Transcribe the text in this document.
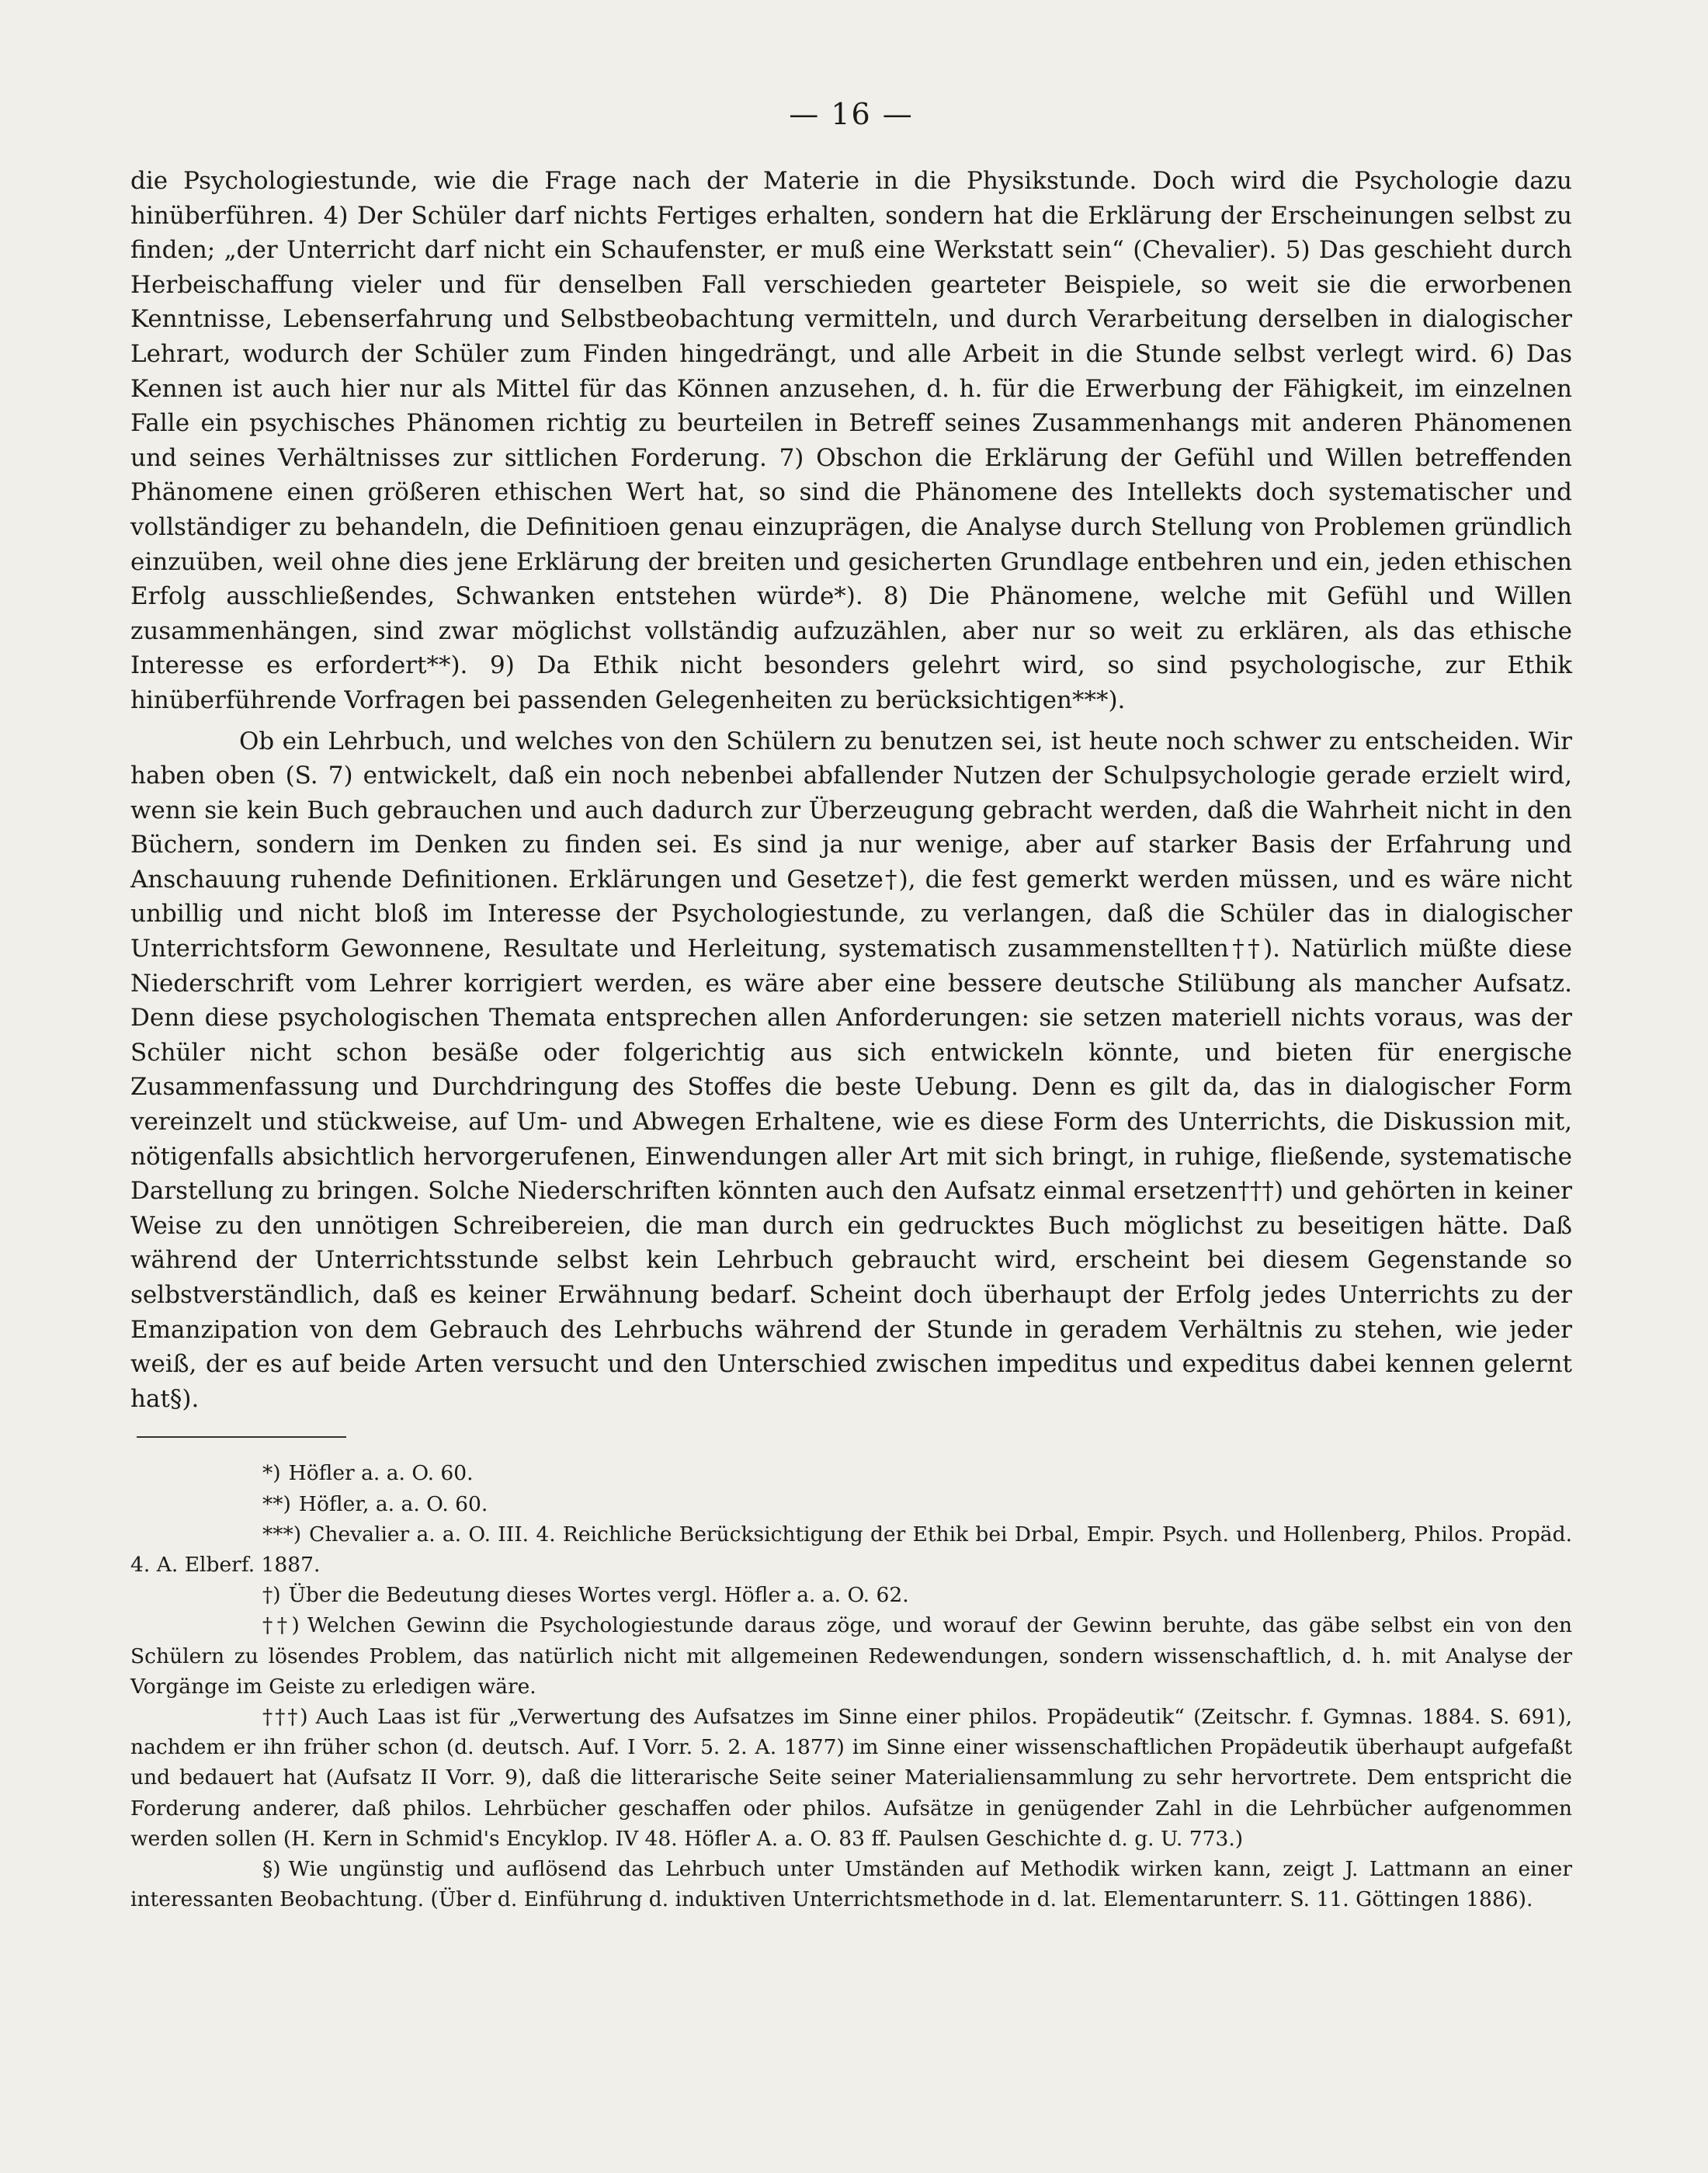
— 16 —

die Psychologiestunde, wie die Frage nach der Materie in die Physikstunde. Doch wird die Psychologie dazu hinüberführen. 4) Der Schüler darf nichts Fertiges erhalten, sondern hat die Erklärung der Erscheinungen selbst zu finden; „der Unterricht darf nicht ein Schaufenster, er muß eine Werkstatt sein“ (Chevalier). 5) Das geschieht durch Herbeischaffung vieler und für denselben Fall verschieden gearteter Beispiele, so weit sie die erworbenen Kenntnisse, Lebenserfahrung und Selbstbeobachtung vermitteln, und durch Verarbeitung derselben in dialogischer Lehrart, wodurch der Schüler zum Finden hingedrängt, und alle Arbeit in die Stunde selbst verlegt wird. 6) Das Kennen ist auch hier nur als Mittel für das Können anzusehen, d. h. für die Erwerbung der Fähigkeit, im einzelnen Falle ein psychisches Phänomen richtig zu beurteilen in Betreff seines Zusammenhangs mit anderen Phänomenen und seines Verhältnisses zur sittlichen Forderung. 7) Obschon die Erklärung der Gefühl und Willen betreffenden Phänomene einen größeren ethischen Wert hat, so sind die Phänomene des Intellekts doch systematischer und vollständiger zu behandeln, die Definitioen genau einzuprägen, die Analyse durch Stellung von Problemen gründlich einzuüben, weil ohne dies jene Erklärung der breiten und gesicherten Grundlage entbehren und ein, jeden ethischen Erfolg ausschließendes, Schwanken entstehen würde*). 8) Die Phänomene, welche mit Gefühl und Willen zusammenhängen, sind zwar möglichst vollständig aufzuzählen, aber nur so weit zu erklären, als das ethische Interesse es erfordert**). 9) Da Ethik nicht besonders gelehrt wird, so sind psychologische, zur Ethik hinüberführende Vorfragen bei passenden Gelegenheiten zu berücksichtigen***).

Ob ein Lehrbuch, und welches von den Schülern zu benutzen sei, ist heute noch schwer zu entscheiden. Wir haben oben (S. 7) entwickelt, daß ein noch nebenbei abfallender Nutzen der Schulpsychologie gerade erzielt wird, wenn sie kein Buch gebrauchen und auch dadurch zur Überzeugung gebracht werden, daß die Wahrheit nicht in den Büchern, sondern im Denken zu finden sei. Es sind ja nur wenige, aber auf starker Basis der Erfahrung und Anschauung ruhende Definitionen. Erklärungen und Gesetze†), die fest gemerkt werden müssen, und es wäre nicht unbillig und nicht bloß im Interesse der Psychologiestunde, zu verlangen, daß die Schüler das in dialogischer Unterrichtsform Gewonnene, Resultate und Herleitung, systematisch zusammenstellten††). Natürlich müßte diese Niederschrift vom Lehrer korrigiert werden, es wäre aber eine bessere deutsche Stilübung als mancher Aufsatz. Denn diese psychologischen Themata entsprechen allen Anforderungen: sie setzen materiell nichts voraus, was der Schüler nicht schon besäße oder folgerichtig aus sich entwickeln könnte, und bieten für energische Zusammenfassung und Durchdringung des Stoffes die beste Uebung. Denn es gilt da, das in dialogischer Form vereinzelt und stückweise, auf Um- und Abwegen Erhaltene, wie es diese Form des Unterrichts, die Diskussion mit, nötigenfalls absichtlich hervorgerufenen, Einwendungen aller Art mit sich bringt, in ruhige, fließende, systematische Darstellung zu bringen. Solche Niederschriften könnten auch den Aufsatz einmal ersetzen†††) und gehörten in keiner Weise zu den unnötigen Schreibereien, die man durch ein gedrucktes Buch möglichst zu beseitigen hätte. Daß während der Unterrichtsstunde selbst kein Lehrbuch gebraucht wird, erscheint bei diesem Gegenstande so selbstverständlich, daß es keiner Erwähnung bedarf. Scheint doch überhaupt der Erfolg jedes Unterrichts zu der Emanzipation von dem Gebrauch des Lehrbuchs während der Stunde in geradem Verhältnis zu stehen, wie jeder weiß, der es auf beide Arten versucht und den Unterschied zwischen impeditus und expeditus dabei kennen gelernt hat§).

*) Höfler a. a. O. 60.

**) Höfler, a. a. O. 60.

***) Chevalier a. a. O. III. 4. Reichliche Berücksichtigung der Ethik bei Drbal, Empir. Psych. und Hollenberg, Philos. Propäd. 4. A. Elberf. 1887.

†) Über die Bedeutung dieses Wortes vergl. Höfler a. a. O. 62.

††) Welchen Gewinn die Psychologiestunde daraus zöge, und worauf der Gewinn beruhte, das gäbe selbst ein von den Schülern zu lösendes Problem, das natürlich nicht mit allgemeinen Redewendungen, sondern wissenschaftlich, d. h. mit Analyse der Vorgänge im Geiste zu erledigen wäre.

†††) Auch Laas ist für „Verwertung des Aufsatzes im Sinne einer philos. Propädeutik“ (Zeitschr. f. Gymnas. 1884. S. 691), nachdem er ihn früher schon (d. deutsch. Auf. I Vorr. 5. 2. A. 1877) im Sinne einer wissenschaftlichen Propädeutik überhaupt aufgefaßt und bedauert hat (Aufsatz II Vorr. 9), daß die litterarische Seite seiner Materialiensammlung zu sehr hervortrete. Dem entspricht die Forderung anderer, daß philos. Lehrbücher geschaffen oder philos. Aufsätze in genügender Zahl in die Lehrbücher aufgenommen werden sollen (H. Kern in Schmid's Encyklop. IV 48. Höfler A. a. O. 83 ff. Paulsen Geschichte d. g. U. 773.)

§) Wie ungünstig und auflösend das Lehrbuch unter Umständen auf Methodik wirken kann, zeigt J. Lattmann an einer interessanten Beobachtung. (Über d. Einführung d. induktiven Unterrichtsmethode in d. lat. Elementarunterr. S. 11. Göttingen 1886).
